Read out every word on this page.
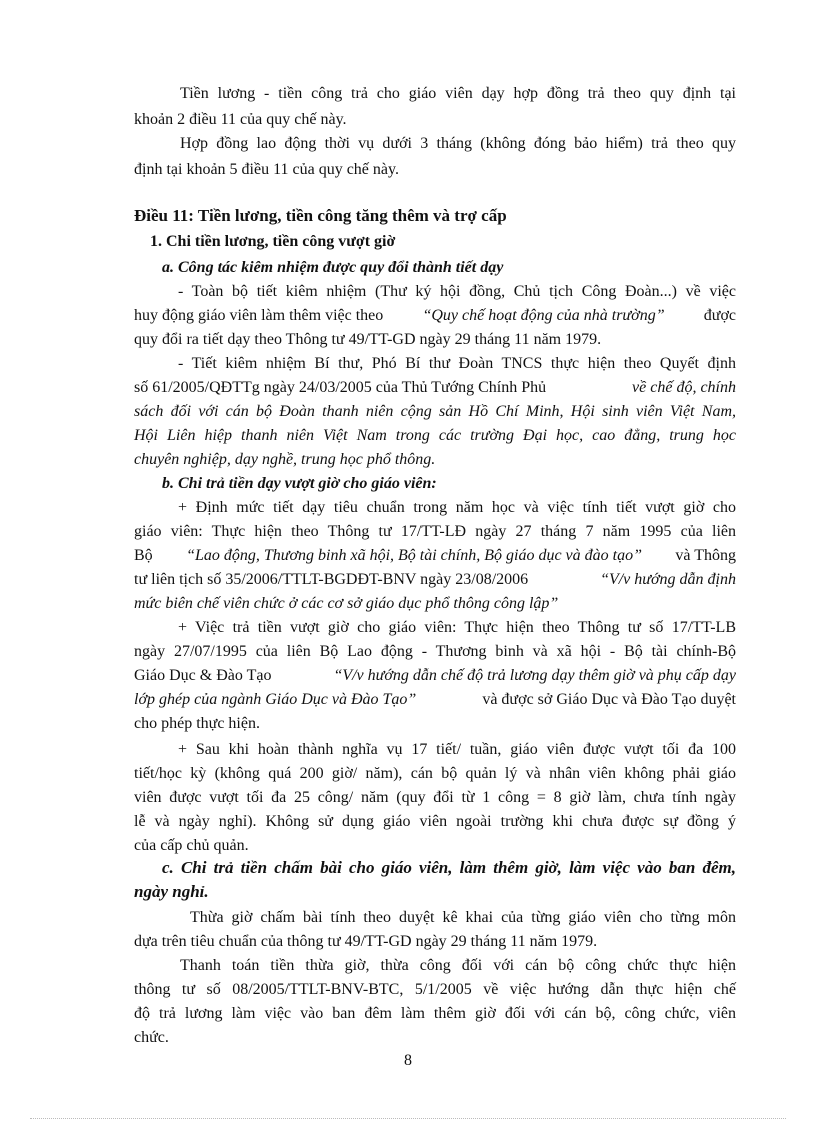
Tiền lương - tiền công trả cho giáo viên dạy hợp đồng trả theo quy định tại
khoản 2 điều 11 của quy chế này.
Hợp đồng lao động thời vụ dưới 3 tháng (không đóng bảo hiểm) trả theo quy
định tại khoản 5 điều 11 của quy chế này.
Điều 11: Tiền lương, tiền công tăng thêm và trợ cấp
1. Chi tiền lương, tiền công vượt giờ
a. Công tác kiêm nhiệm được quy đổi thành tiết dạy
- Toàn bộ tiết kiêm nhiệm (Thư ký hội đồng, Chủ tịch Công Đoàn...) về việc
huy động giáo viên làm thêm việc theo “Quy chế hoạt động của nhà trường” được
quy đổi ra tiết dạy theo Thông tư 49/TT-GD ngày 29 tháng 11 năm 1979.
- Tiết kiêm nhiệm Bí thư, Phó Bí thư Đoàn TNCS thực hiện theo Quyết định
số 61/2005/QĐTTg ngày 24/03/2005 của Thủ Tướng Chính Phủ	về chế độ, chính
sách đối với cán bộ Đoàn thanh niên cộng sản Hồ Chí Minh, Hội sinh viên Việt Nam,
Hội Liên hiệp thanh niên Việt Nam trong các trường Đại học, cao đẳng, trung học
chuyên nghiệp, dạy nghề, trung học phổ thông.
b. Chi trả tiền dạy vượt giờ cho giáo viên:
+ Định mức tiết dạy tiêu chuẩn trong năm học và việc tính tiết vượt giờ cho
giáo viên: Thực hiện theo Thông tư 17/TT-LĐ ngày 27 tháng 7 năm 1995 của liên
Bộ “Lao động, Thương binh xã hội, Bộ tài chính, Bộ giáo dục và đào tạo” và Thông
tư liên tịch số 35/2006/TTLT-BGDĐT-BNV ngày 23/08/2006	“V/v hướng dẫn định
mức biên chế viên chức ở các cơ sở giáo dục phổ thông công lập”
+ Việc trả tiền vượt giờ cho giáo viên: Thực hiện theo Thông tư số 17/TT-LB
ngày 27/07/1995 của liên Bộ Lao động - Thương binh và xã hội - Bộ tài chính-Bộ
Giáo Dục & Đào Tạo	“V/v hướng dẫn chế độ trả lương dạy thêm giờ và phụ cấp dạy
lớp ghép của ngành Giáo Dục và Đào Tạo”	và được sở Giáo Dục và Đào Tạo duyệt
cho phép thực hiện.
+ Sau khi hoàn thành nghĩa vụ 17 tiết/ tuần, giáo viên được vượt tối đa 100
tiết/học kỳ (không quá 200 giờ/ năm), cán bộ quản lý và nhân viên không phải giáo
viên được vượt tối đa 25 công/ năm (quy đổi từ 1 công = 8 giờ làm, chưa tính ngày
lễ và ngày nghỉ). Không sử dụng giáo viên ngoài trường khi chưa được sự đồng ý
của cấp chủ quản.
c. Chi trả tiền chấm bài cho giáo viên, làm thêm giờ, làm việc vào ban đêm,
ngày nghỉ.
Thừa giờ chấm bài tính theo duyệt kê khai của từng giáo viên cho từng môn
dựa trên tiêu chuẩn của thông tư 49/TT-GD ngày 29 tháng 11 năm 1979.
Thanh toán tiền thừa giờ, thừa công đối với cán bộ công chức thực hiện
thông tư số 08/2005/TTLT-BNV-BTC, 5/1/2005 về việc hướng dẫn thực hiện chế
độ trả lương làm việc vào ban đêm làm thêm giờ đối với cán bộ, công chức, viên
chức.
8
